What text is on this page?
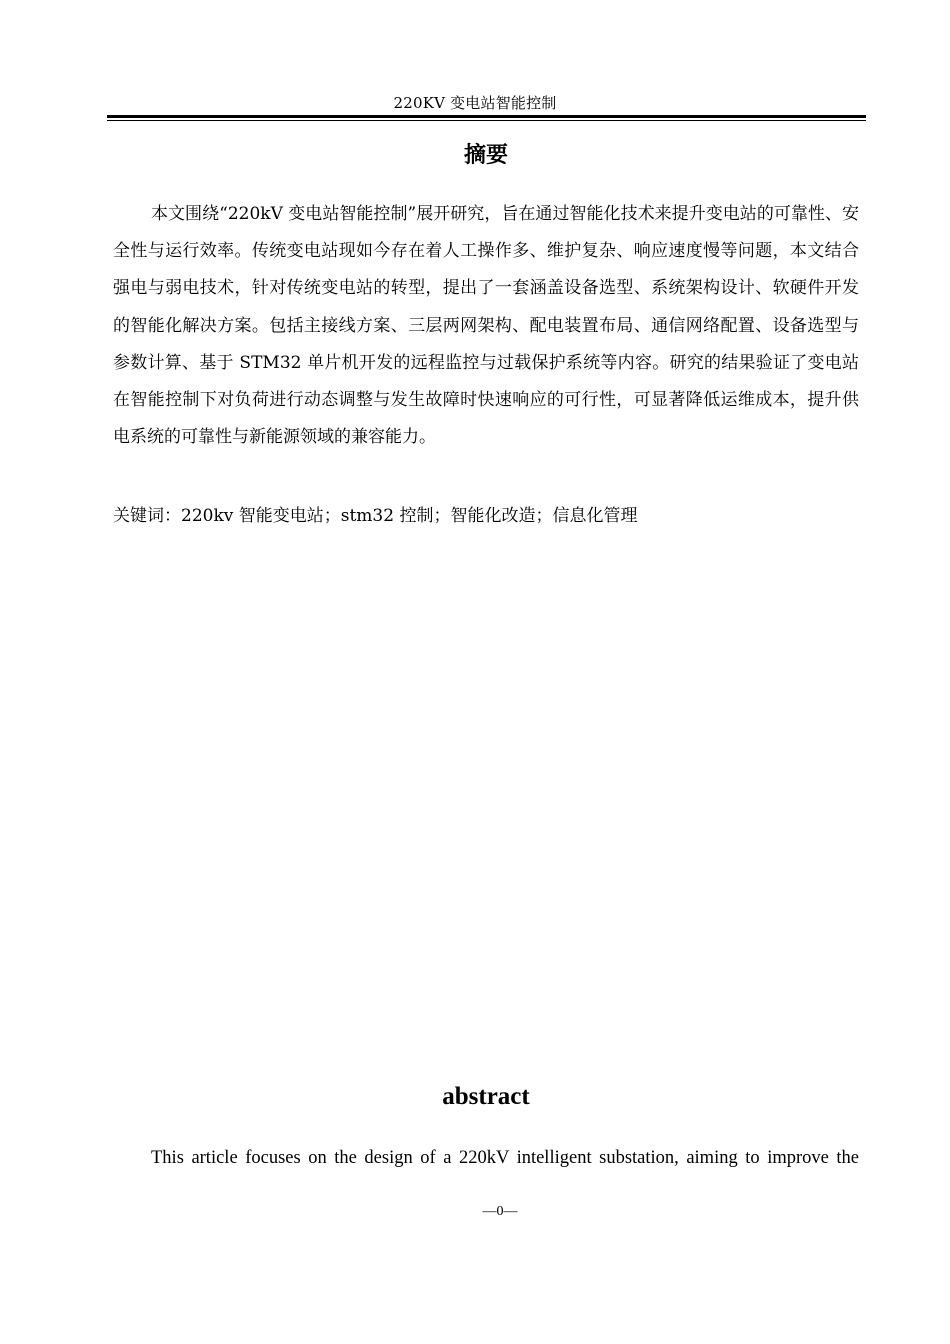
220KV 变电站智能控制
摘要

本文围绕“220kV 变电站智能控制”展开研究，旨在通过智能化技术来提升变电站的可靠性、安全性与运行效率。传统变电站现如今存在着人工操作多、维护复杂、响应速度慢等问题，本文结合强电与弱电技术，针对传统变电站的转型，提出了一套涵盖设备选型、系统架构设计、软硬件开发的智能化解决方案。包括主接线方案、三层两网架构、配电装置布局、通信网络配置、设备选型与参数计算、基于 STM32 单片机开发的远程监控与过载保护系统等内容。研究的结果验证了变电站在智能控制下对负荷进行动态调整与发生故障时快速响应的可行性，可显著降低运维成本，提升供电系统的可靠性与新能源领域的兼容能力。

关键词：220kv 智能变电站；stm32 控制；智能化改造；信息化管理

abstract

This article focuses on the design of a 220kV intelligent substation, aiming to improve the

—0—
